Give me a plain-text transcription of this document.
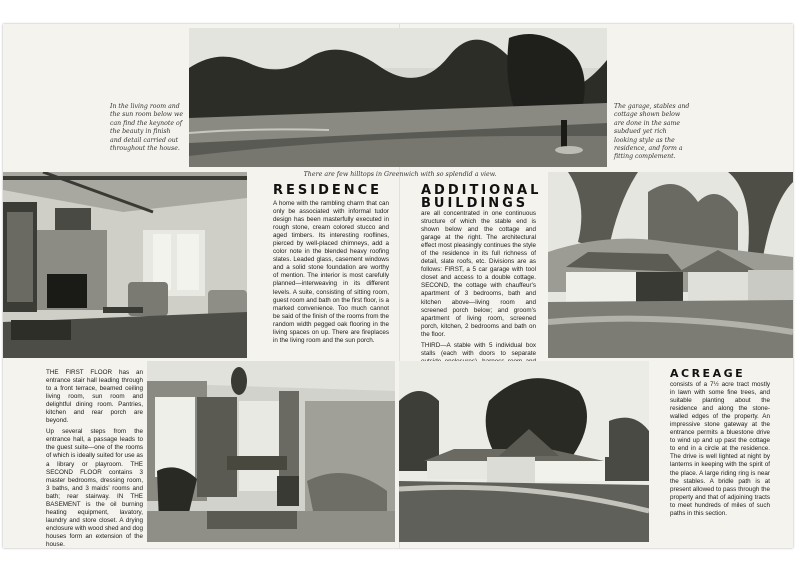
In the living room and the sun room below we can find the keynote of the beauty in finish and detail carried out throughout the house.
The garage, stables and cottage shown below are done in the same subdued yet rich looking style as the residence, and form a fitting complement.
There are few hilltops in Greenwich with so splendid a view.
RESIDENCE
A home with the rambling charm that can only be associated with informal tudor design has been masterfully executed in rough stone, cream colored stucco and aged timbers. Its interesting rooflines, pierced by well-placed chimneys, add a color note in the blended heavy roofing slates. Leaded glass, casement windows and a solid stone foundation are worthy of mention. The interior is most carefully planned—interweaving in its different levels. A suite, consisting of sitting room, guest room and bath on the first floor, is a marked convenience. Too much cannot be said of the finish of the rooms from the random width pegged oak flooring in the living spaces on up. There are fireplaces in the living room and the sun porch.
ADDITIONAL
BUILDINGS

are all concentrated in one continuous structure of which the stable end is shown below and the cottage and garage at the right. The architectural effect most pleasingly continues the style of the residence in its full richness of detail, slate roofs, etc. Divisions are as follows: FIRST, a 5 car garage with tool closet and access to a double cottage. SECOND, the cottage with chauffeur's apartment of 3 bedrooms, bath and kitchen above—living room and screened porch below; and groom's apartment of living room, screened porch, kitchen, 2 bedrooms and bath on the floor.

THIRD—A stable with 5 individual box stalls (each with doors to separate

THE FIRST FLOOR has an entrance stair hall leading through to a front terrace, beamed ceiling living room, sun room and delightful dining room. Pantries, kitchen and rear porch are beyond.

Up several steps from the entrance hall, a passage leads to the guest suite—one of the rooms of which is ideally suited for use as a library or playroom. THE SECOND FLOOR contains 3 master bedrooms, dressing room, 3 baths, and 3 maids' rooms and bath; rear stairway. IN THE BASEMENT is the oil burning heating equipment, lavatory, laundry and store closet. A drying enclosure with wood shed and dog houses form an extension of the house.

ACREAGE
consists of a 7½ acre tract mostly in lawn with some fine trees, and suitable planting about the residence and along the stone-walled edges of the property. An impressive stone gateway at the entrance permits a bluestone drive to wind up and up past the cottage to end in a circle at the residence. The drive is well lighted at night by lanterns in keeping with the spirit of the place. A large riding ring is near the stables. A bridle path is at present allowed to pass through the property and that of adjoining tracts to meet hundreds of miles of such paths in this section.
